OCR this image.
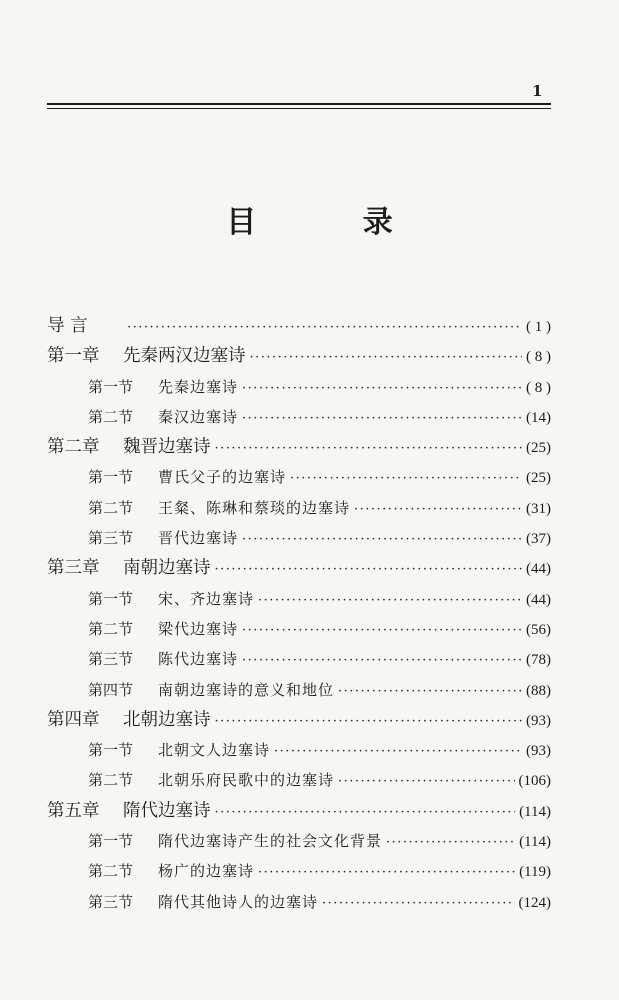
1
目 录
导 言 ·····	( 1 )
第一章	先秦两汉边塞诗 ·····	( 8 )
第一节	先秦边塞诗 ·····	( 8 )
第二节	秦汉边塞诗 ·····	(14)
第二章	魏晋边塞诗 ·····	(25)
第一节	曹氏父子的边塞诗 ·····	(25)
第二节	王粲、陈琳和蔡琰的边塞诗 ·····	(31)
第三节	晋代边塞诗 ·····	(37)
第三章	南朝边塞诗 ·····	(44)
第一节	宋、齐边塞诗 ·····	(44)
第二节	梁代边塞诗 ·····	(56)
第三节	陈代边塞诗 ·····	(78)
第四节	南朝边塞诗的意义和地位 ·····	(88)
第四章	北朝边塞诗 ·····	(93)
第一节	北朝文人边塞诗 ·····	(93)
第二节	北朝乐府民歌中的边塞诗 ·····	(106)
第五章	隋代边塞诗 ·····	(114)
第一节	隋代边塞诗产生的社会文化背景 ·····	(114)
第二节	杨广的边塞诗 ·····	(119)
第三节	隋代其他诗人的边塞诗 ·····	(124)
